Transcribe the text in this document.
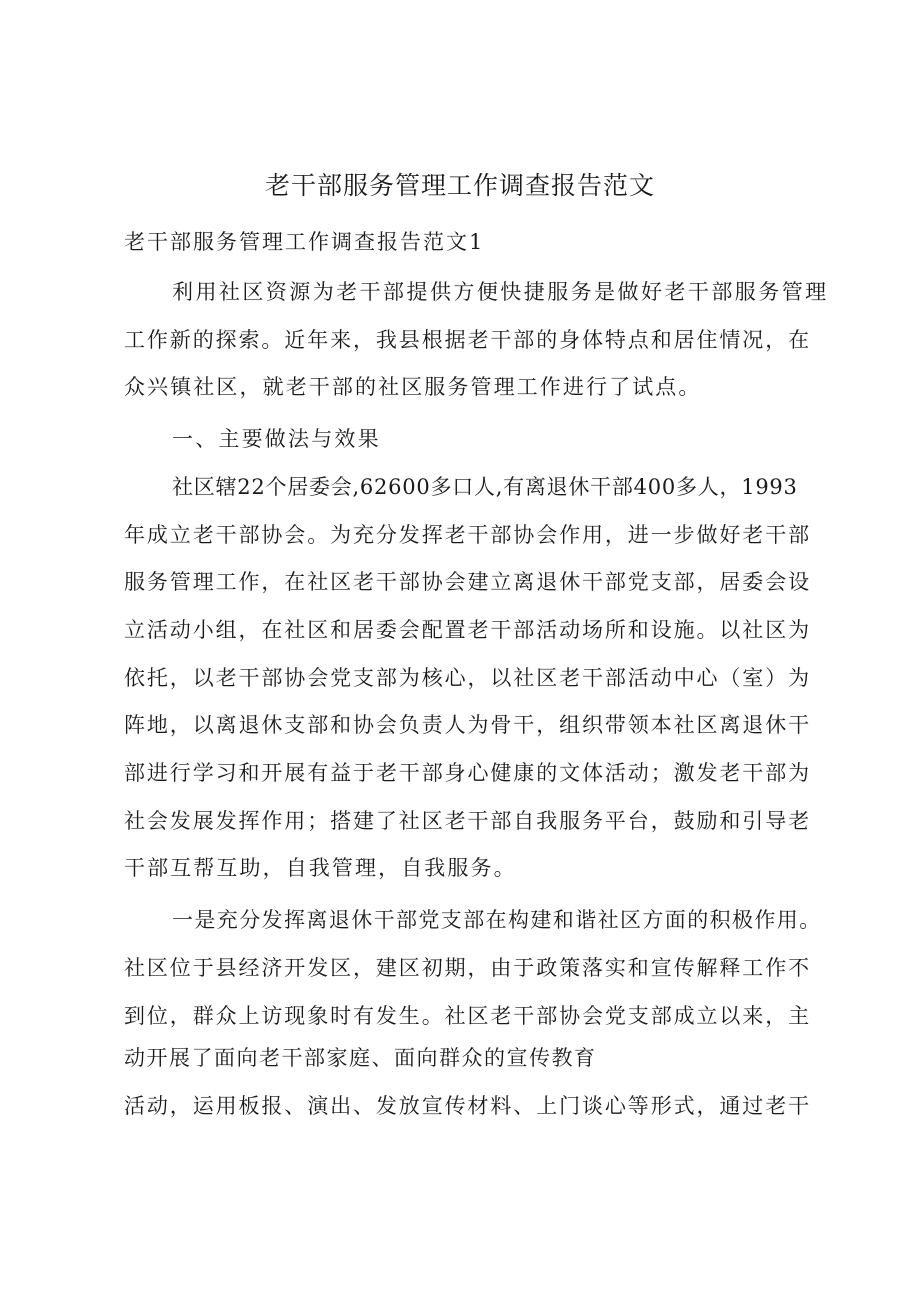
老干部服务管理工作调查报告范文

老干部服务管理工作调查报告范文1

利用社区资源为老干部提供方便快捷服务是做好老干部服务管理

工作新的探索。近年来，我县根据老干部的身体特点和居住情况，在

众兴镇社区，就老干部的社区服务管理工作进行了试点。

一、主要做法与效果

社区辖22个居委会,62600多口人,有离退休干部400多人，1993

年成立老干部协会。为充分发挥老干部协会作用，进一步做好老干部

服务管理工作，在社区老干部协会建立离退休干部党支部，居委会设

立活动小组，在社区和居委会配置老干部活动场所和设施。以社区为

依托，以老干部协会党支部为核心，以社区老干部活动中心（室）为

阵地，以离退休支部和协会负责人为骨干，组织带领本社区离退休干

部进行学习和开展有益于老干部身心健康的文体活动；激发老干部为

社会发展发挥作用；搭建了社区老干部自我服务平台，鼓励和引导老

干部互帮互助，自我管理，自我服务。

一是充分发挥离退休干部党支部在构建和谐社区方面的积极作用。

社区位于县经济开发区，建区初期，由于政策落实和宣传解释工作不

到位，群众上访现象时有发生。社区老干部协会党支部成立以来，主

动开展了面向老干部家庭、面向群众的宣传教育

活动，运用板报、演出、发放宣传材料、上门谈心等形式，通过老干
